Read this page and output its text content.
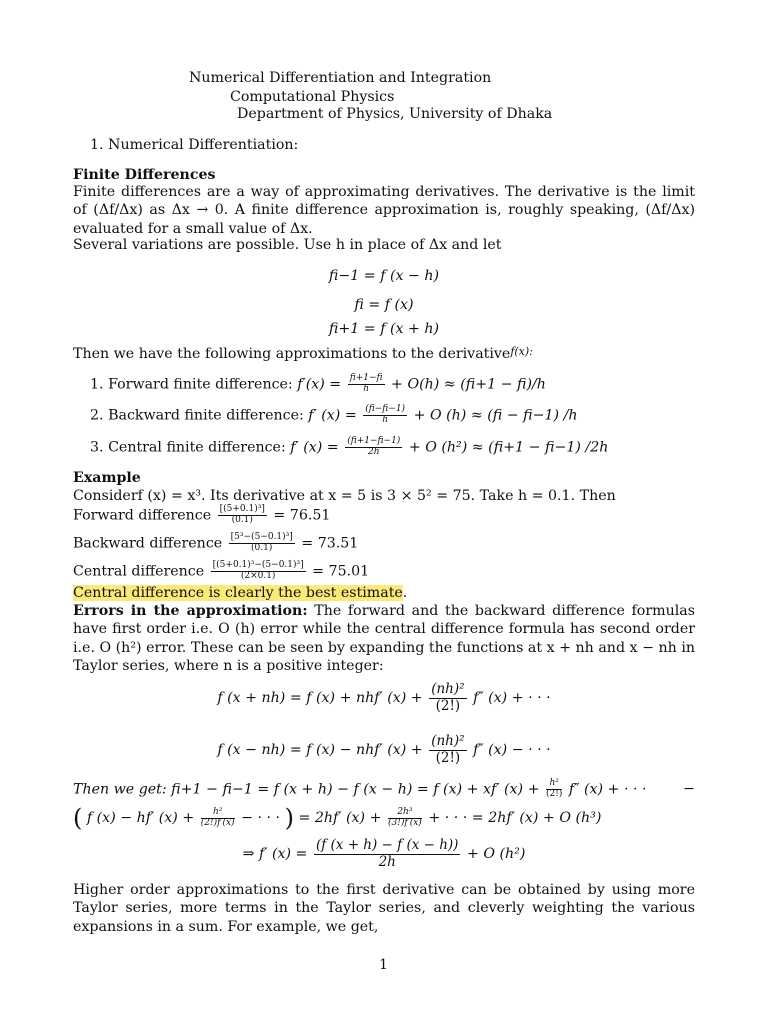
Numerical Differentiation and Integration
Computational Physics
Department of Physics, University of Dhaka
1. Numerical Differentiation:
Finite Differences
Finite differences are a way of approximating derivatives. The derivative is the limit of (Δf/Δx) as Δx → 0. A finite difference approximation is, roughly speaking, (Δf/Δx) evaluated for a small value of Δx.
Several variations are possible. Use h in place of Δx and let
fi−1 = f (x − h)
fi = f (x)
fi+1 = f (x + h)
Then we have the following approximations to the derivative$^{f(x):}$
1. Forward finite difference: $f'(x) = \frac{fi+1-fi}{h} + O(h) \approx (fi+1 - fi)/h$
2. Backward finite difference: f′ $(x) = \frac{(fi-fi-1)}{h} + O$ (h) ≈ (fi − fi−1) /h
3. Central finite difference: f′ $(x) = \frac{(fi+1-fi-1)}{2h} + O$ (h²) ≈ (fi+1 − fi−1) /2h
Example
Considerf (x) = x³. Its derivative at x = 5 is 3 × 5² = 75. Take h = 0.1. Then
Forward difference $\frac{\text{[(5+0.1)³]}}{(0.1)} = 76.51$
Backward difference $\frac{\text{[5³−(5−0.1)³]}}{(0.1)} = 73.51$
Central difference $\frac{\text{[(5+0.1)³−(5−0.1)³]}}{(2\times 0.1)} = 75.01$
Central difference is clearly the best estimate.
Errors in the approximation: The forward and the backward difference formulas have first order i.e. O (h) error while the central difference formula has second order i.e. O (h²) error. These can be seen by expanding the functions at x + nh and x − nh in Taylor series, where n is a positive integer:
f (x + nh) = f (x) + nhf′ $(x) + \frac{\text{(nh)²}}{(2!)} f''$ (x) + · · ·
f (x − nh) = f (x) − nhf′ $(x) + \frac{\text{(nh)²}}{(2!)} f''$ (x) − · · ·
Then we get: fi+1 − fi−1 = f (x + h) − f (x − h) = f (x) + xf′ $(x) + \frac{\text{h²}}{(2!)} f''$ (x) + · · ·	−
( f (x) − hf′ $(x) + \frac{\text{h²}}{(2!)f'(x)}$ − · · · ) = 2hf′ $(x) + \frac{\text{2h³}}{(3!)f'(x)}$ + · · · = 2hf′ (x) + O (h³)
⇒ f′ $(x) = \frac{(f (x + h) - f (x - h))}{2h} + O$ (h²)
Higher order approximations to the first derivative can be obtained by using more Taylor series, more terms in the Taylor series, and cleverly weighting the various expansions in a sum. For example, we get,
1
